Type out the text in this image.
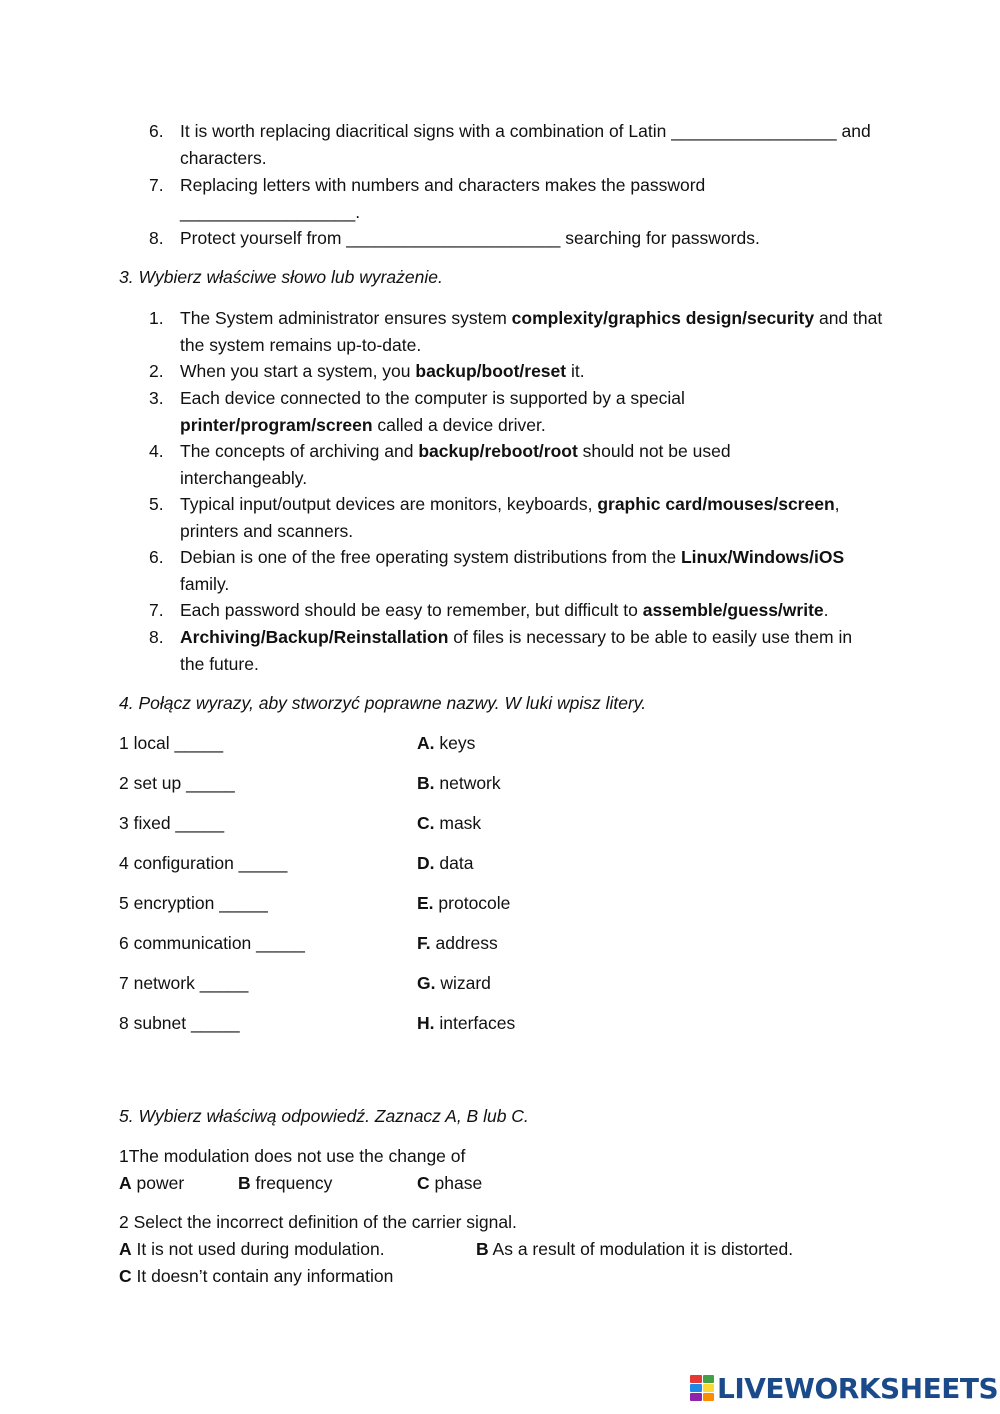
6. It is worth replacing diacritical signs with a combination of Latin _________________ and characters.
7. Replacing letters with numbers and characters makes the password __________________.
8. Protect yourself from ______________________ searching for passwords.
3. Wybierz właściwe słowo lub wyrażenie.
1. The System administrator ensures system complexity/graphics design/security and that the system remains up-to-date.
2. When you start a system, you backup/boot/reset it.
3. Each device connected to the computer is supported by a special printer/program/screen called a device driver.
4. The concepts of archiving and backup/reboot/root should not be used interchangeably.
5. Typical input/output devices are monitors, keyboards, graphic card/mouses/screen, printers and scanners.
6. Debian is one of the free operating system distributions from the Linux/Windows/iOS family.
7. Each password should be easy to remember, but difficult to assemble/guess/write.
8. Archiving/Backup/Reinstallation of files is necessary to be able to easily use them in the future.
4. Połącz wyrazy, aby stworzyć poprawne nazwy. W luki wpisz litery.
1 local _____	A. keys
2 set up _____	B. network
3 fixed _____	C. mask
4 configuration _____	D. data
5 encryption _____	E. protocole
6 communication _____	F. address
7 network _____	G. wizard
8 subnet _____	H. interfaces
5. Wybierz właściwą odpowiedź. Zaznacz A, B lub C.
1The modulation does not use the change of
A power	B frequency	C phase
2 Select the incorrect definition of the carrier signal.
A It is not used during modulation.	B As a result of modulation it is distorted.
C It doesn’t contain any information
LIVEWORKSHEETS
